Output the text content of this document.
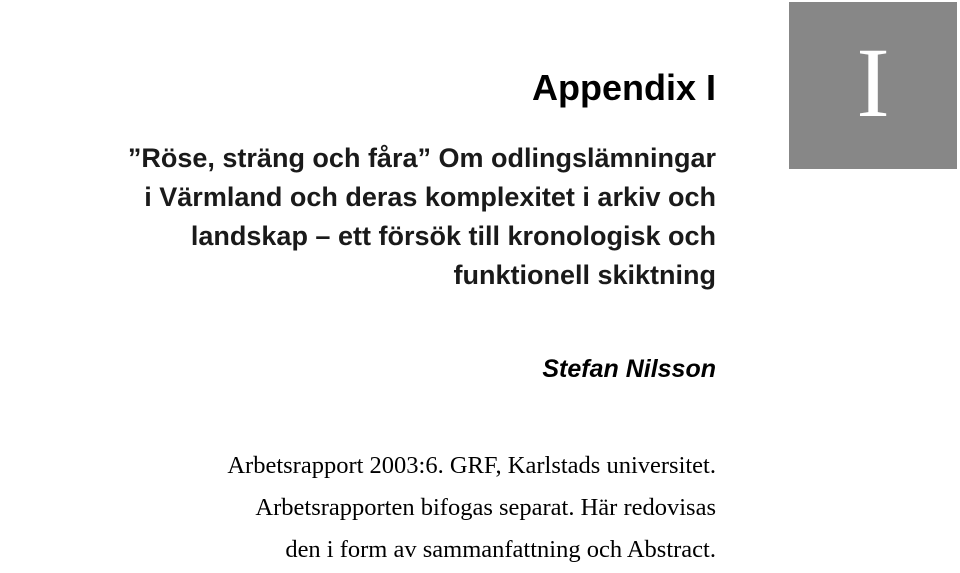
I
Appendix I
”Röse, sträng och fåra” Om odlingslämningar
i Värmland och deras komplexitet i arkiv och
landskap – ett försök till kronologisk och
funktionell skiktning

Stefan Nilsson

Arbetsrapport 2003:6. GRF, Karlstads universitet.
Arbetsrapporten bifogas separat. Här redovisas
den i form av sammanfattning och Abstract.
